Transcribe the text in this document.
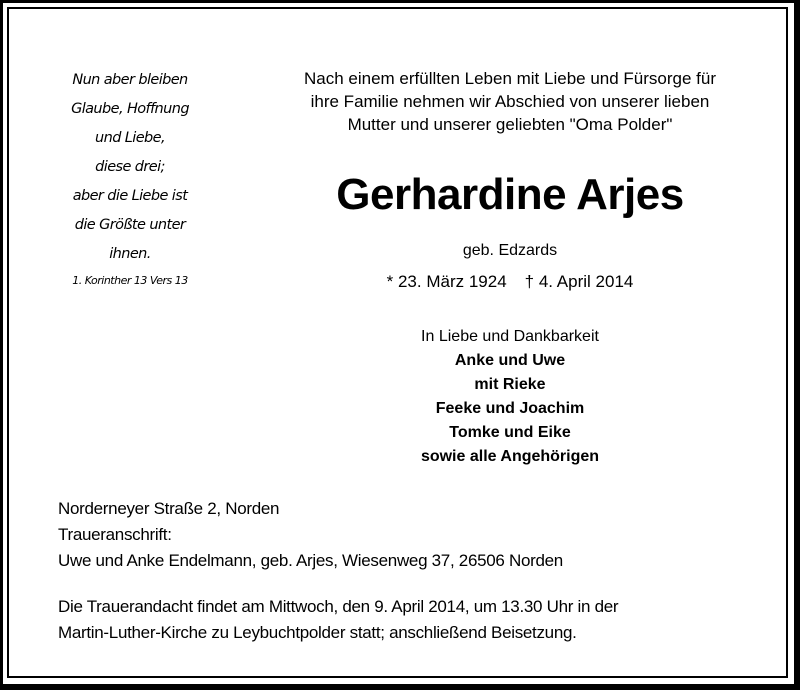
Nun aber bleiben
Glaube, Hoffnung
und Liebe,
diese drei;
aber die Liebe ist
die Größte unter
ihnen.
1. Korinther 13 Vers 13
Nach einem erfüllten Leben mit Liebe und Fürsorge für
ihre Familie nehmen wir Abschied von unserer lieben
Mutter und unserer geliebten "Oma Polder"
Gerhardine Arjes
geb. Edzards
* 23. März 1924 † 4. April 2014
In Liebe und Dankbarkeit
Anke und Uwe
mit Rieke
Feeke und Joachim
Tomke und Eike
sowie alle Angehörigen
Norderneyer Straße 2, Norden
Traueranschrift:
Uwe und Anke Endelmann, geb. Arjes, Wiesenweg 37, 26506 Norden
Die Trauerandacht findet am Mittwoch, den 9. April 2014, um 13.30 Uhr in der
Martin-Luther-Kirche zu Leybuchtpolder statt; anschließend Beisetzung.
